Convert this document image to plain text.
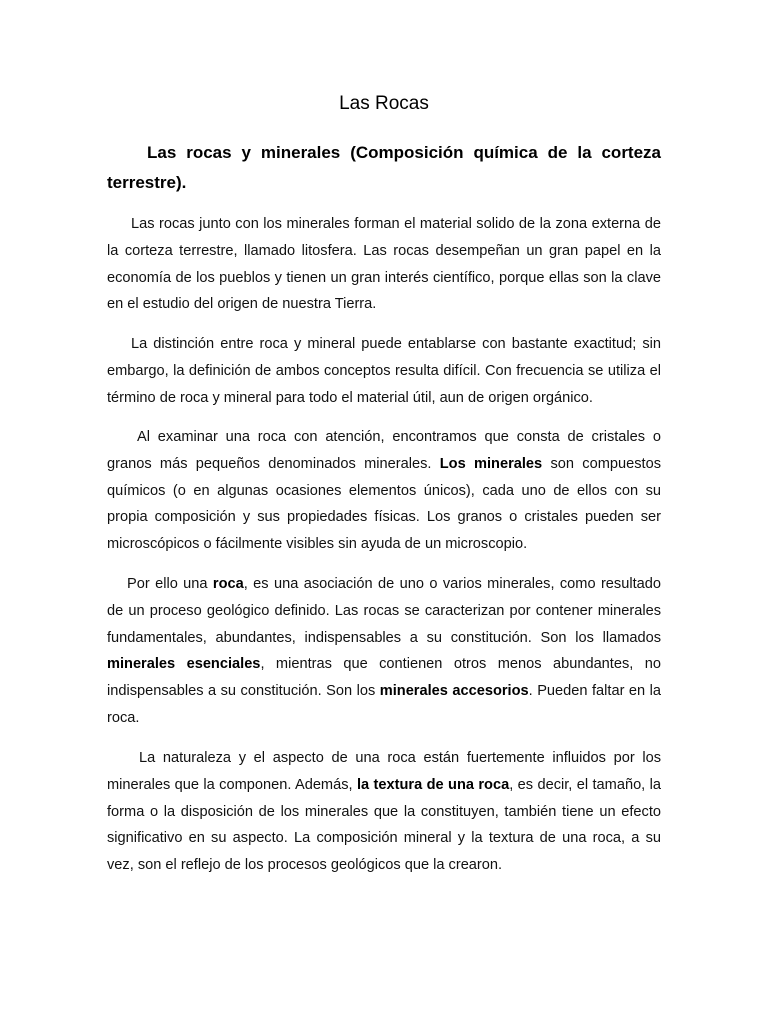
Las Rocas
Las rocas y minerales (Composición química de la corteza terrestre).

Las rocas junto con los minerales forman el material solido de la zona externa de la corteza terrestre, llamado litosfera. Las rocas desempeñan un gran papel en la economía de los pueblos y tienen un gran interés científico, porque ellas son la clave en el estudio del origen de nuestra Tierra.

La distinción entre roca y mineral puede entablarse con bastante exactitud; sin embargo, la definición de ambos conceptos resulta difícil. Con frecuencia se utiliza el término de roca y mineral para todo el material útil, aun de origen orgánico.

Al examinar una roca con atención, encontramos que consta de cristales o granos más pequeños denominados minerales. Los minerales son compuestos químicos (o en algunas ocasiones elementos únicos), cada uno de ellos con su propia composición y sus propiedades físicas. Los granos o cristales pueden ser microscópicos o fácilmente visibles sin ayuda de un microscopio.

Por ello una roca, es una asociación de uno o varios minerales, como resultado de un proceso geológico definido. Las rocas se caracterizan por contener minerales fundamentales, abundantes, indispensables a su constitución. Son los llamados minerales esenciales, mientras que contienen otros menos abundantes, no indispensables a su constitución. Son los minerales accesorios. Pueden faltar en la roca.

La naturaleza y el aspecto de una roca están fuertemente influidos por los minerales que la componen. Además, la textura de una roca, es decir, el tamaño, la forma o la disposición de los minerales que la constituyen, también tiene un efecto significativo en su aspecto. La composición mineral y la textura de una roca, a su vez, son el reflejo de los procesos geológicos que la crearon.
